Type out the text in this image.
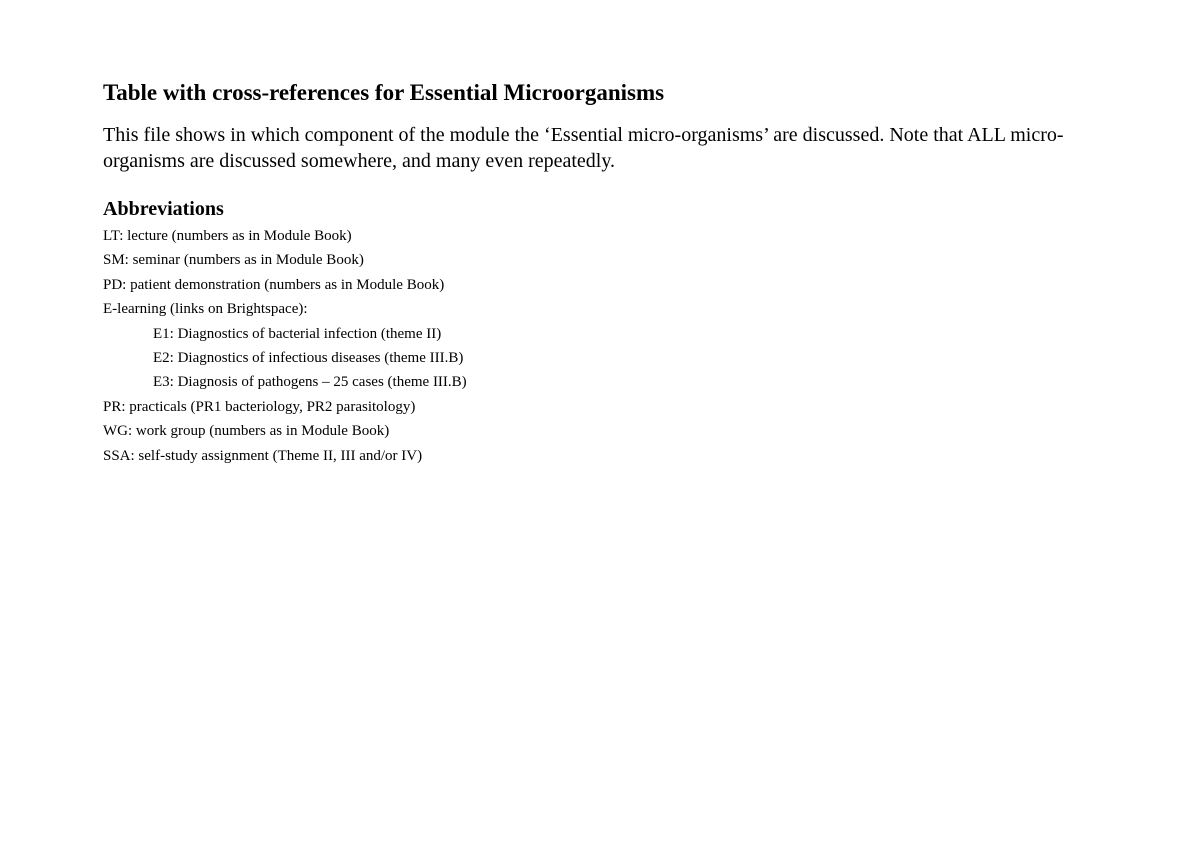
Table with cross-references for Essential Microorganisms

This file shows in which component of the module the ‘Essential micro-organisms’ are discussed. Note that ALL micro-organisms are discussed somewhere, and many even repeatedly.

Abbreviations
LT: lecture (numbers as in Module Book)
SM: seminar (numbers as in Module Book)
PD: patient demonstration (numbers as in Module Book)
E-learning (links on Brightspace):
E1: Diagnostics of bacterial infection (theme II)
E2: Diagnostics of infectious diseases (theme III.B)
E3: Diagnosis of pathogens – 25 cases (theme III.B)
PR: practicals (PR1 bacteriology, PR2 parasitology)
WG: work group (numbers as in Module Book)
SSA: self-study assignment (Theme II, III and/or IV)
